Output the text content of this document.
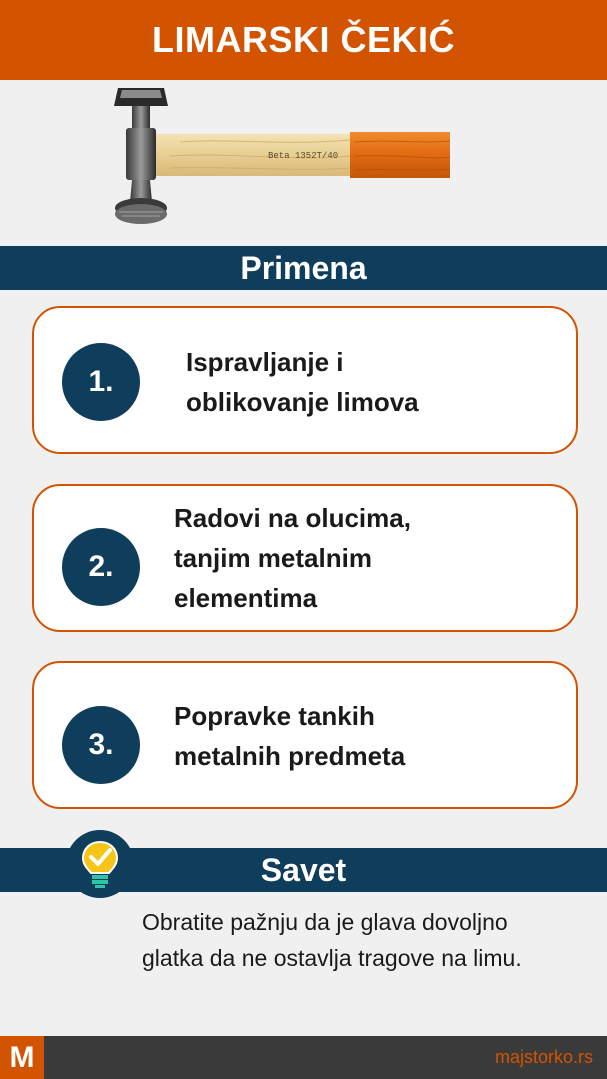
LIMARSKI ČEKIĆ
Beta 1352T/40
Primena
1.
Ispravljanje i
oblikovanje limova
2.
Radovi na olucima,
tanjim metalnim
elementima
3.
Popravke tankih
metalnih predmeta
Savet
Obratite pažnju da je glava dovoljno
glatka da ne ostavlja tragove na limu.
M	majstorko.rs
